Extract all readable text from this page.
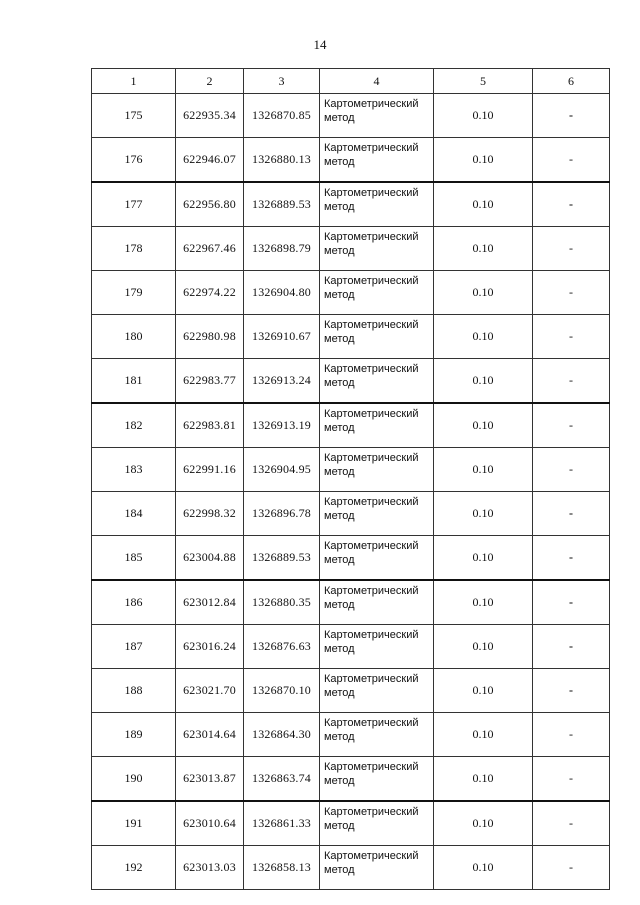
14
1	2	3	4	5	6
175	622935.34	1326870.85	Картометрический метод	0.10	-
176	622946.07	1326880.13	Картометрический метод	0.10	-
177	622956.80	1326889.53	Картометрический метод	0.10	-
178	622967.46	1326898.79	Картометрический метод	0.10	-
179	622974.22	1326904.80	Картометрический метод	0.10	-
180	622980.98	1326910.67	Картометрический метод	0.10	-
181	622983.77	1326913.24	Картометрический метод	0.10	-
182	622983.81	1326913.19	Картометрический метод	0.10	-
183	622991.16	1326904.95	Картометрический метод	0.10	-
184	622998.32	1326896.78	Картометрический метод	0.10	-
185	623004.88	1326889.53	Картометрический метод	0.10	-
186	623012.84	1326880.35	Картометрический метод	0.10	-
187	623016.24	1326876.63	Картометрический метод	0.10	-
188	623021.70	1326870.10	Картометрический метод	0.10	-
189	623014.64	1326864.30	Картометрический метод	0.10	-
190	623013.87	1326863.74	Картометрический метод	0.10	-
191	623010.64	1326861.33	Картометрический метод	0.10	-
192	623013.03	1326858.13	Картометрический метод	0.10	-
